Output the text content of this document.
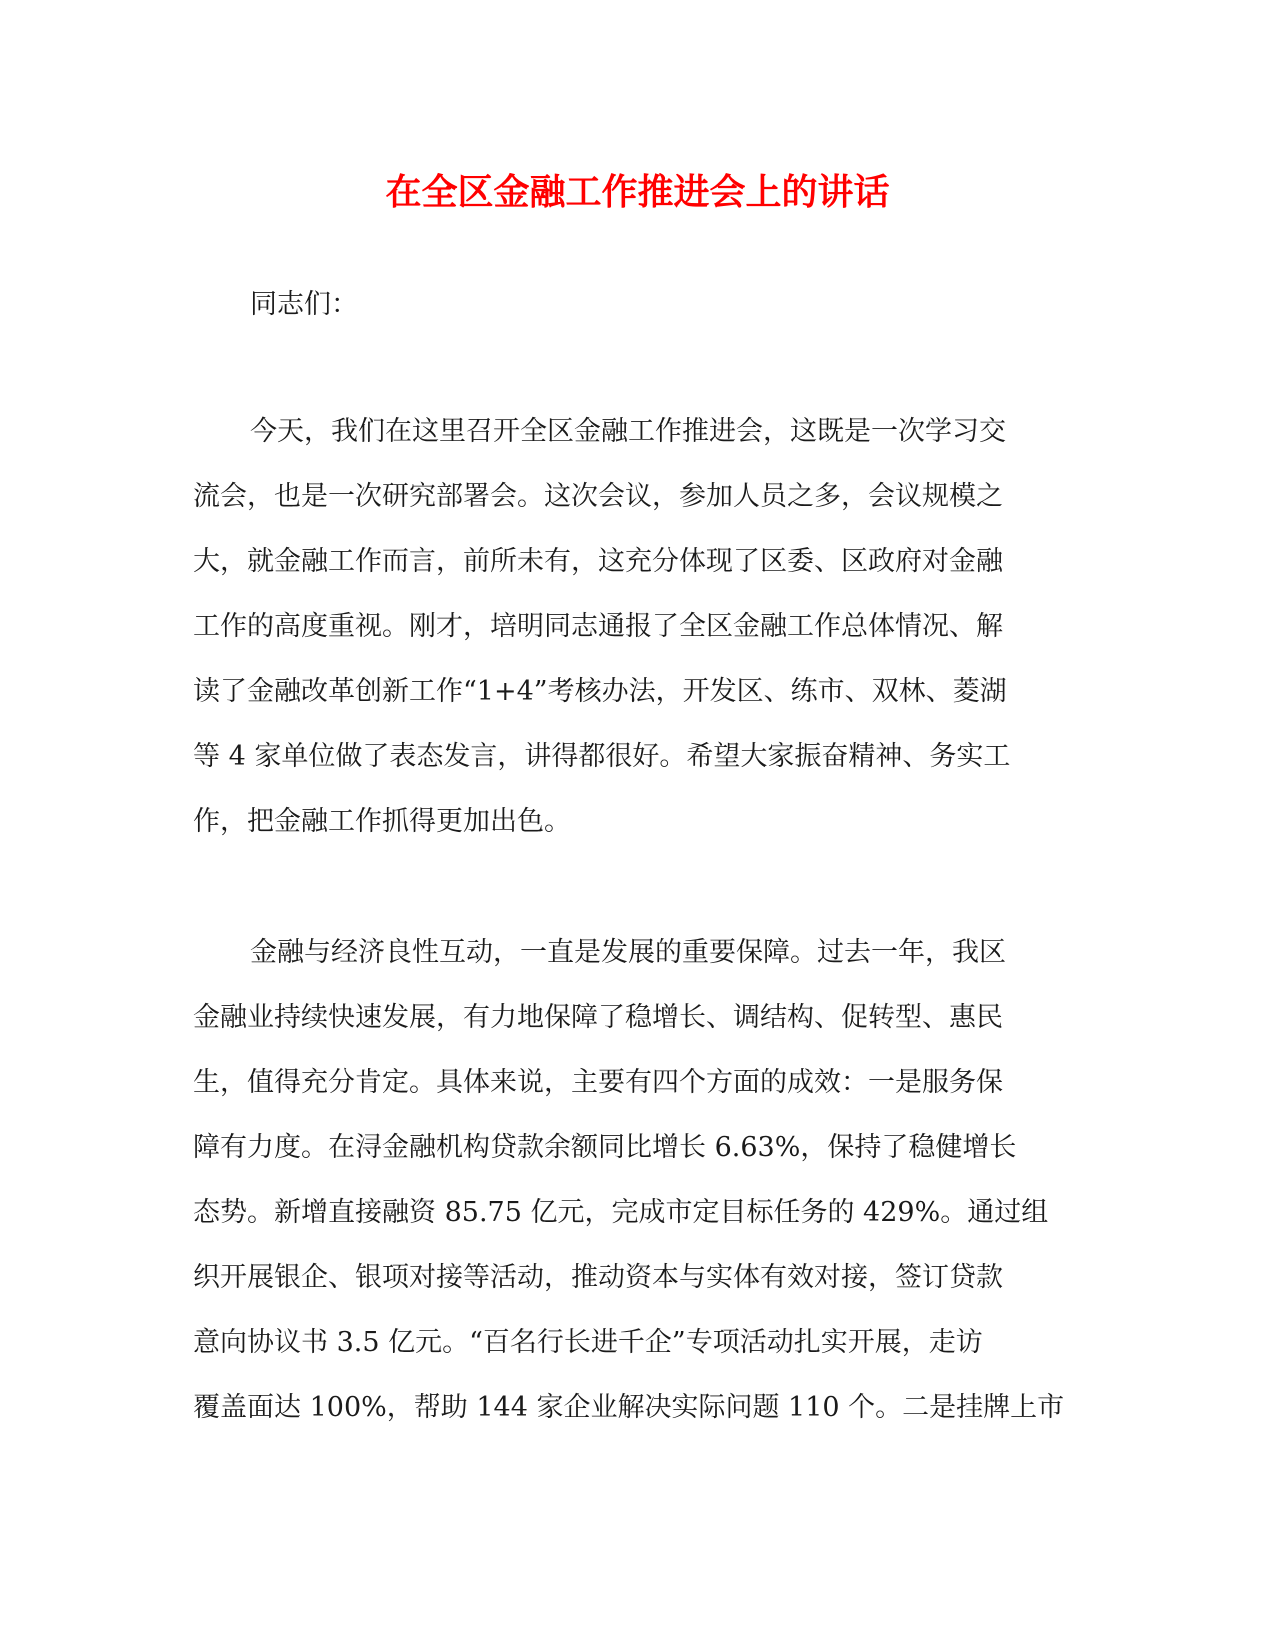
在全区金融工作推进会上的讲话
同志们：
今天，我们在这里召开全区金融工作推进会，这既是一次学习交
流会，也是一次研究部署会。这次会议，参加人员之多，会议规模之
大，就金融工作而言，前所未有，这充分体现了区委、区政府对金融
工作的高度重视。刚才，培明同志通报了全区金融工作总体情况、解
读了金融改革创新工作“1+4”考核办法，开发区、练市、双林、菱湖
等 4 家单位做了表态发言，讲得都很好。希望大家振奋精神、务实工
作，把金融工作抓得更加出色。
金融与经济良性互动，一直是发展的重要保障。过去一年，我区
金融业持续快速发展，有力地保障了稳增长、调结构、促转型、惠民
生，值得充分肯定。具体来说，主要有四个方面的成效：一是服务保
障有力度。在浔金融机构贷款余额同比增长 6.63%，保持了稳健增长
态势。新增直接融资 85.75 亿元，完成市定目标任务的 429%。通过组
织开展银企、银项对接等活动，推动资本与实体有效对接，签订贷款
意向协议书 3.5 亿元。“百名行长进千企”专项活动扎实开展，走访
覆盖面达 100%，帮助 144 家企业解决实际问题 110 个。二是挂牌上市
